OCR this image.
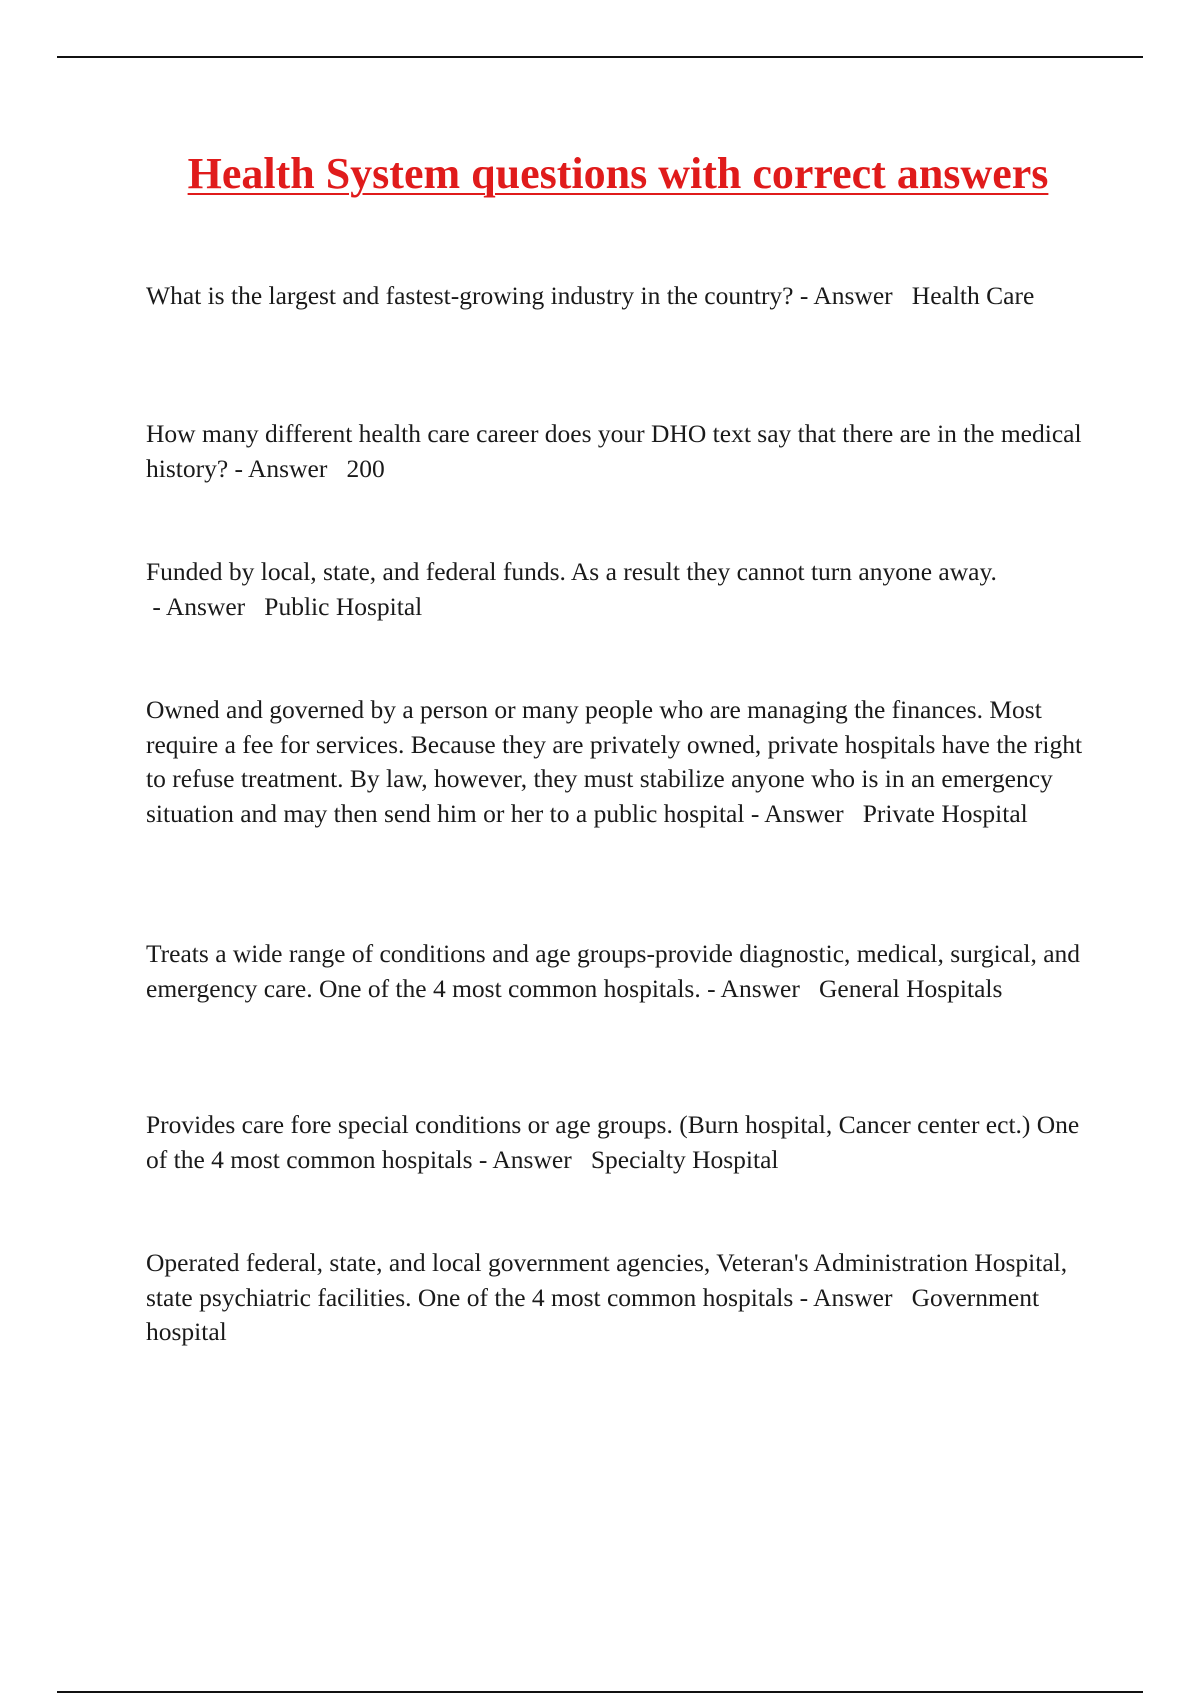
Health System questions with correct answers

What is the largest and fastest-growing industry in the country? - Answer   Health Care

How many different health care career does your DHO text say that there are in the medical history? - Answer   200

Funded by local, state, and federal funds. As a result they cannot turn anyone away. - Answer   Public Hospital

Owned and governed by a person or many people who are managing the finances. Most require a fee for services. Because they are privately owned, private hospitals have the right to refuse treatment. By law, however, they must stabilize anyone who is in an emergency situation and may then send him or her to a public hospital - Answer   Private Hospital

Treats a wide range of conditions and age groups-provide diagnostic, medical, surgical, and emergency care. One of the 4 most common hospitals. - Answer   General Hospitals

Provides care fore special conditions or age groups. (Burn hospital, Cancer center ect.) One of the 4 most common hospitals - Answer   Specialty Hospital

Operated federal, state, and local government agencies, Veteran's Administration Hospital, state psychiatric facilities. One of the 4 most common hospitals - Answer   Government hospital
